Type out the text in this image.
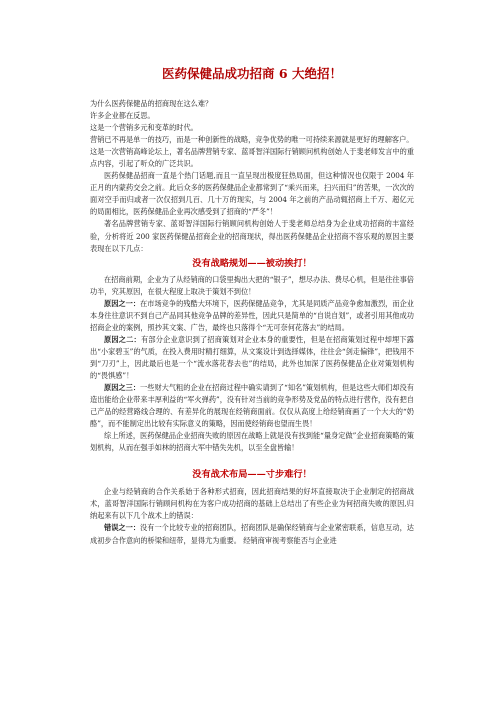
医药保健品成功招商 6 大绝招！

为什么医药保健品的招商现在这么难？

许多企业都在反思。

这是一个营销多元和变革的时代。

营销已不再是单一的技巧，而是一种创新性的战略，竞争优势的唯一可持续来源就是更好的理解客户。

这是一次营销高峰论坛上，著名品牌营销专家、蓝哥智洋国际行销顾问机构创始人于斐老师发言中的重点内容，引起了听众的广泛共识。

医药保健品招商一直是个热门话题,而且一直呈现出极度狂热局面，但这种情况也仅限于 2004 年正月的内蒙药交会之前。此后众多的医药保健品企业都常到了“乘兴而来，扫兴而归”的苦果，一次次的面对空手而归或者一次仅招到几百、几十万的现实，与 2004 年之前的产品动辄招商上千万、超亿元的局面相比，医药保健品企业再次感受到了招商的“严冬”！

著名品牌营销专家、蓝哥智洋国际行销顾问机构创始人于斐老师总结身为企业成功招商的丰富经验，分析将近 200 家医药保健品招商企业的招商现状，得出医药保健品企业招商不容乐观的原因主要表现在以下几点：

没有战略规划——被动挨打！

在招商前期，企业为了从经销商的口袋里掏出大把的“银子”，想尽办法、费尽心机，但是往往事倍功半，究其原因，在很大程度上取决于策划不到位！

原因之一：在市场竞争的残酷大环境下，医药保健品竞争，尤其是同质产品竞争愈加激烈，而企业本身往往意识不到自己产品同其他竞争品牌的差异性，因此只是简单的“自说自划”，或者引用其他成功招商企业的案例，照抄其文案、广告，最终也只落得个“无可奈何花落去”的结局。

原因之二：有部分企业意识到了招商策划对企业本身的重要性，但是在招商策划过程中却埋下露出“小家碧玉”的气质，在投入费用时精打细算，从文案设计到选择媒体，往往会“剑走偏锋”，把钱用不到“刀刃”上，因此最后也是一个“流水落花春去也”的结局，此外也加深了医药保健品企业对策划机构的“畏惧感”！

原因之三：一些财大气粗的企业在招商过程中确实请到了“知名”策划机构，但是这些大师们却没有造出能给企业带来丰厚利益的“军火弹药”，没有针对当前的竞争形势及党品的特点进行营作，没有把自己产品的经营路线合理的、有差异化的展现在经销商面前。仅仅从高度上给经销商画了一个大大的“奶酪”，而不能制定出比较有实际意义的策略，因而使经销商也望而生畏！

综上所述，医药保健品企业招商失败的原因在战略上就是没有找到能“量身定做”企业招商策略的策划机构，从而在强手如林的招商大军中错失先机，以至全盘皆输！

没有战术布局——寸步难行！

企业与经销商的合作关系始于各种形式招商，因此招商结果的好坏直接取决于企业制定的招商战术，蓝哥智洋国际行销顾问机构在为客户成功招商的基础上总结出了有些企业为何招商失败的原因,归纳起来有以下几个战术上的错误：

错误之一：没有一个比较专业的招商团队，招商团队是确保经销商与企业紧密联系，信息互动，达成初步合作意向的桥梁和纽带，显得尤为重要。 经销商审视考察能否与企业进
